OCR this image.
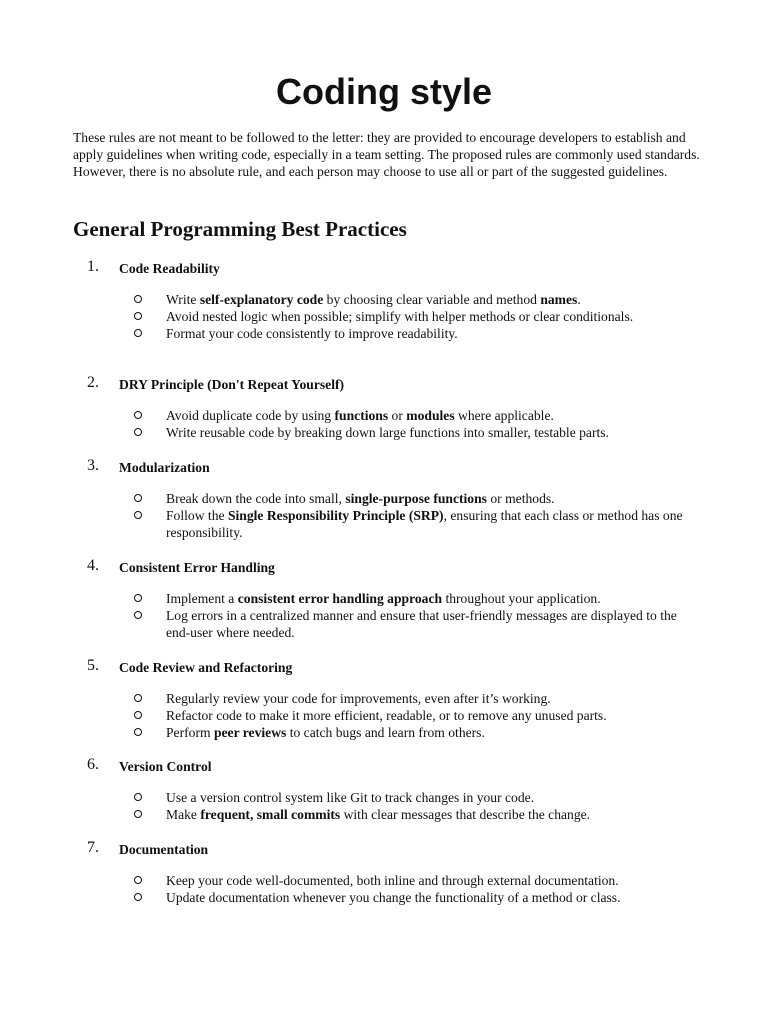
Coding style

These rules are not meant to be followed to the letter: they are provided to encourage developers to establish and apply guidelines when writing code, especially in a team setting. The proposed rules are commonly used standards. However, there is no absolute rule, and each person may choose to use all or part of the suggested guidelines.

General Programming Best Practices
1. Code Readability
Write self-explanatory code by choosing clear variable and method names.
Avoid nested logic when possible; simplify with helper methods or clear conditionals.
Format your code consistently to improve readability.
2. DRY Principle (Don't Repeat Yourself)
Avoid duplicate code by using functions or modules where applicable.
Write reusable code by breaking down large functions into smaller, testable parts.
3. Modularization
Break down the code into small, single-purpose functions or methods.
Follow the Single Responsibility Principle (SRP), ensuring that each class or method has one responsibility.
4. Consistent Error Handling
Implement a consistent error handling approach throughout your application.
Log errors in a centralized manner and ensure that user-friendly messages are displayed to the end-user where needed.
5. Code Review and Refactoring
Regularly review your code for improvements, even after it’s working.
Refactor code to make it more efficient, readable, or to remove any unused parts.
Perform peer reviews to catch bugs and learn from others.
6. Version Control
Use a version control system like Git to track changes in your code.
Make frequent, small commits with clear messages that describe the change.
7. Documentation
Keep your code well-documented, both inline and through external documentation.
Update documentation whenever you change the functionality of a method or class.
